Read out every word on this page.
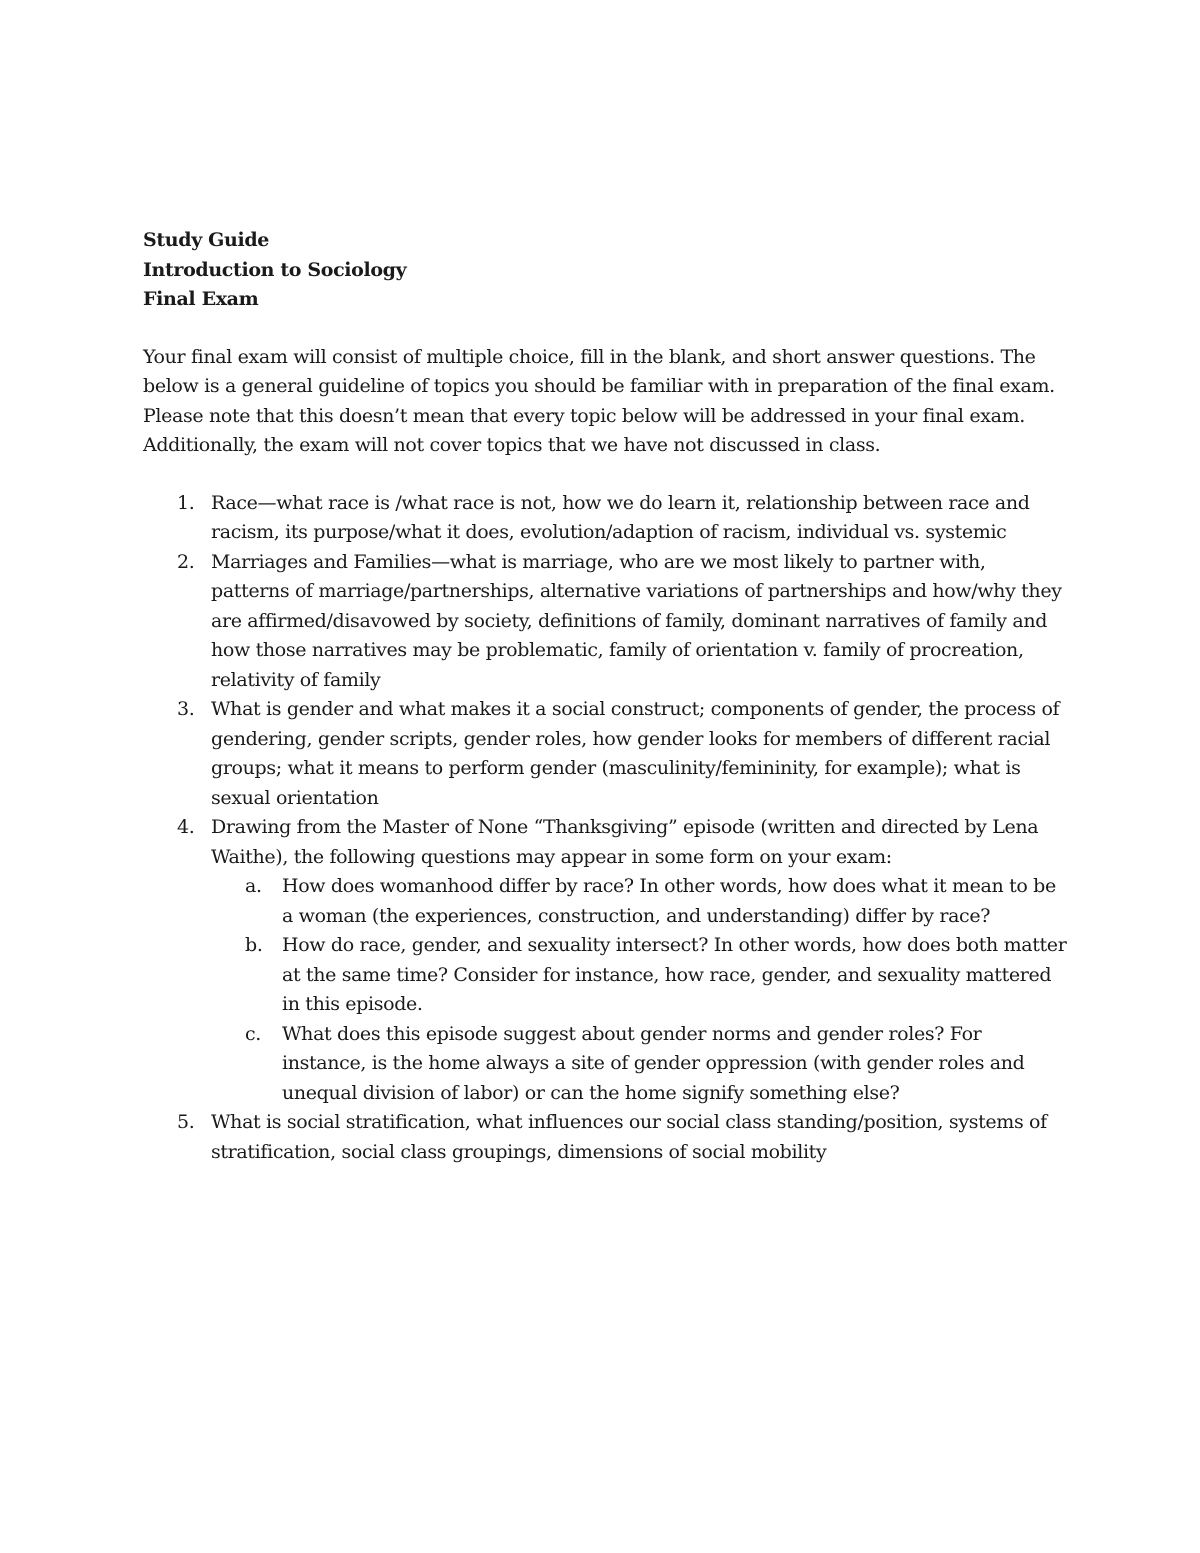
Study Guide
Introduction to Sociology
Final Exam

Your final exam will consist of multiple choice, fill in the blank, and short answer questions. The below is a general guideline of topics you should be familiar with in preparation of the final exam. Please note that this doesn’t mean that every topic below will be addressed in your final exam. Additionally, the exam will not cover topics that we have not discussed in class.

1. Race—what race is /what race is not, how we do learn it, relationship between race and racism, its purpose/what it does, evolution/adaption of racism, individual vs. systemic
2. Marriages and Families—what is marriage, who are we most likely to partner with, patterns of marriage/partnerships, alternative variations of partnerships and how/why they are affirmed/disavowed by society, definitions of family, dominant narratives of family and how those narratives may be problematic, family of orientation v. family of procreation, relativity of family
3. What is gender and what makes it a social construct; components of gender, the process of gendering, gender scripts, gender roles, how gender looks for members of different racial groups; what it means to perform gender (masculinity/femininity, for example); what is sexual orientation
4. Drawing from the Master of None “Thanksgiving” episode (written and directed by Lena Waithe), the following questions may appear in some form on your exam:
a. How does womanhood differ by race? In other words, how does what it mean to be a woman (the experiences, construction, and understanding) differ by race?
b. How do race, gender, and sexuality intersect? In other words, how does both matter at the same time? Consider for instance, how race, gender, and sexuality mattered in this episode.
c. What does this episode suggest about gender norms and gender roles? For instance, is the home always a site of gender oppression (with gender roles and unequal division of labor) or can the home signify something else?
5. What is social stratification, what influences our social class standing/position, systems of stratification, social class groupings, dimensions of social mobility
